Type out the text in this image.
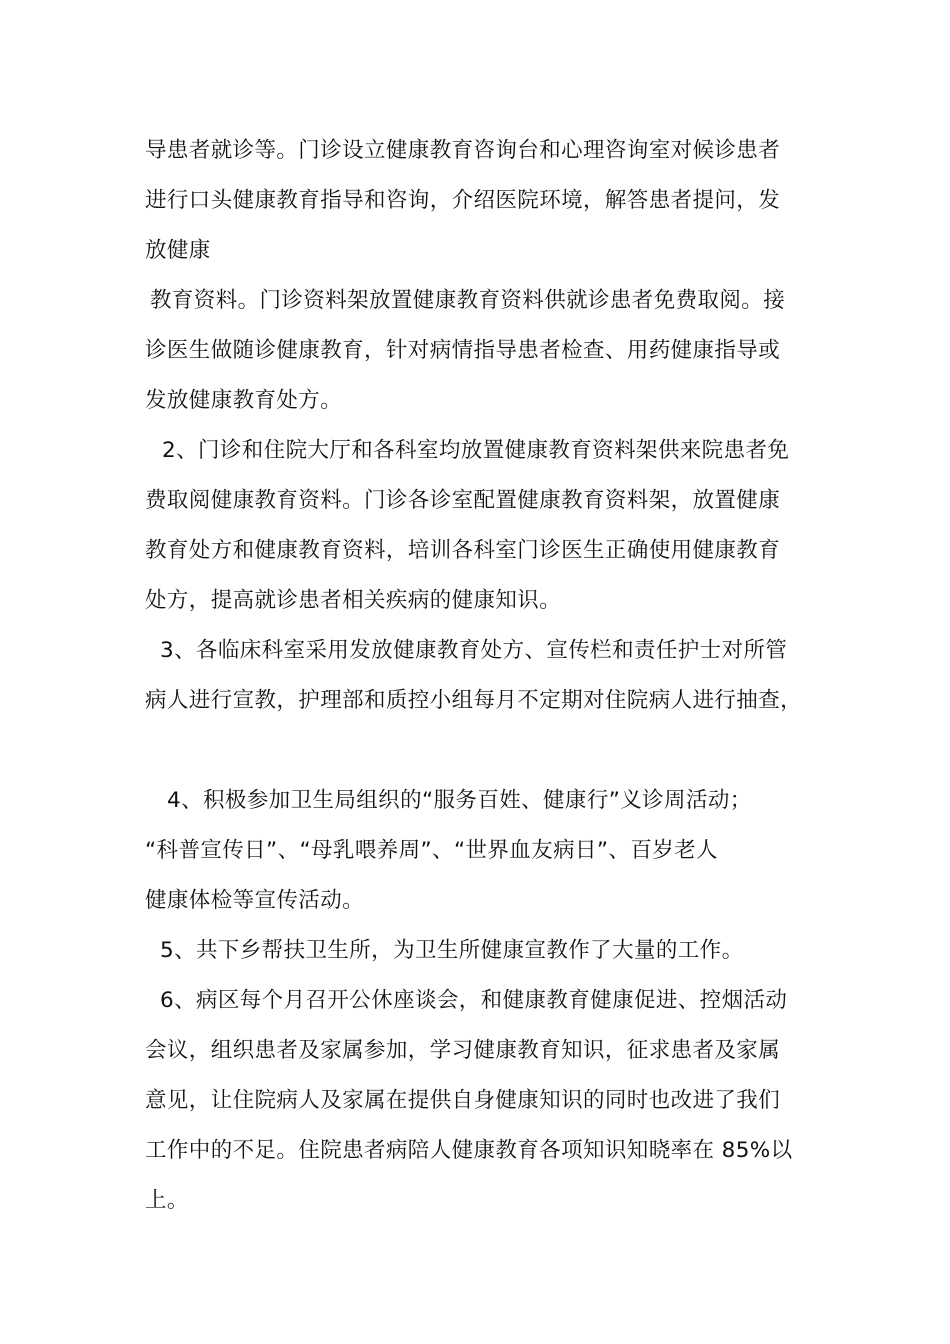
导患者就诊等。门诊设立健康教育咨询台和心理咨询室对候诊患者
进行口头健康教育指导和咨询，介绍医院环境，解答患者提问，发
放健康
教育资料。门诊资料架放置健康教育资料供就诊患者免费取阅。接
诊医生做随诊健康教育，针对病情指导患者检查、用药健康指导或
发放健康教育处方。
2、门诊和住院大厅和各科室均放置健康教育资料架供来院患者免
费取阅健康教育资料。门诊各诊室配置健康教育资料架，放置健康
教育处方和健康教育资料，培训各科室门诊医生正确使用健康教育
处方，提高就诊患者相关疾病的健康知识。
3、各临床科室采用发放健康教育处方、宣传栏和责任护士对所管
病人进行宣教，护理部和质控小组每月不定期对住院病人进行抽查，
4、积极参加卫生局组织的“服务百姓、健康行”义诊周活动；
“科普宣传日”、“母乳喂养周”、“世界血友病日”、百岁老人
健康体检等宣传活动。
5、共下乡帮扶卫生所，为卫生所健康宣教作了大量的工作。
6、病区每个月召开公休座谈会，和健康教育健康促进、控烟活动
会议，组织患者及家属参加，学习健康教育知识，征求患者及家属
意见，让住院病人及家属在提供自身健康知识的同时也改进了我们
工作中的不足。住院患者病陪人健康教育各项知识知晓率在 85%以
上。
